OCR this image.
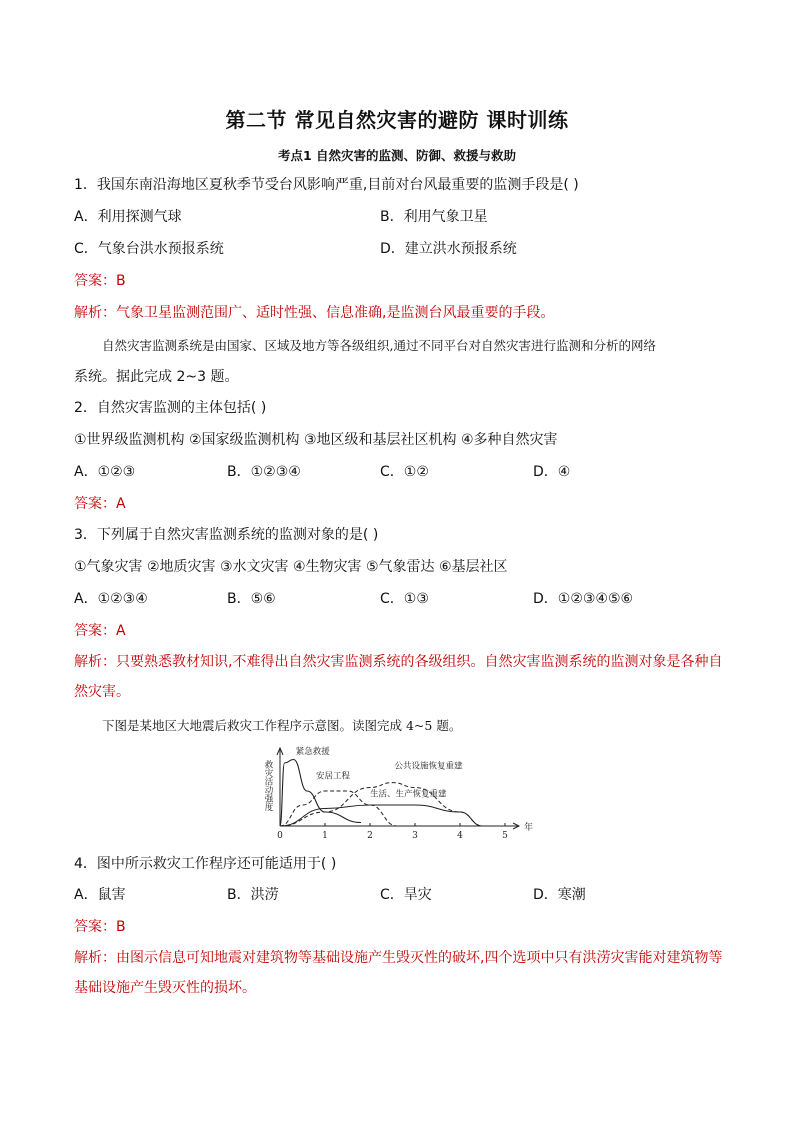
第二节 常见自然灾害的避防 课时训练
考点1 自然灾害的监测、防御、救援与救助
1．我国东南沿海地区夏秋季节受台风影响严重,目前对台风最重要的监测手段是( )
A．利用探测气球	B．利用气象卫星
C．气象台洪水预报系统	D．建立洪水预报系统
答案：B
解析：气象卫星监测范围广、适时性强、信息准确,是监测台风最重要的手段。
自然灾害监测系统是由国家、区域及地方等各级组织,通过不同平台对自然灾害进行监测和分析的网络
系统。据此完成 2~3 题。
2．自然灾害监测的主体包括( )
①世界级监测机构 ②国家级监测机构 ③地区级和基层社区机构 ④多种自然灾害
A．①②③	B．①②③④	C．①②	D．④
答案：A
3．下列属于自然灾害监测系统的监测对象的是( )
①气象灾害 ②地质灾害 ③水文灾害 ④生物灾害 ⑤气象雷达 ⑥基层社区
A．①②③④	B．⑤⑥	C．①③	D．①②③④⑤⑥
答案：A
解析：只要熟悉教材知识,不难得出自然灾害监测系统的各级组织。自然灾害监测系统的监测对象是各种自然灾害。
下图是某地区大地震后救灾工作程序示意图。读图完成 4~5 题。
0	1	2	3	4	5
年
救灾活动强度
紧急救援
安居工程
公共设施恢复重建
生活、生产恢复重建
4．图中所示救灾工作程序还可能适用于( )
A．鼠害	B．洪涝	C．旱灾	D．寒潮
答案：B
解析：由图示信息可知地震对建筑物等基础设施产生毁灭性的破坏,四个选项中只有洪涝灾害能对建筑物等基础设施产生毁灭性的损坏。
